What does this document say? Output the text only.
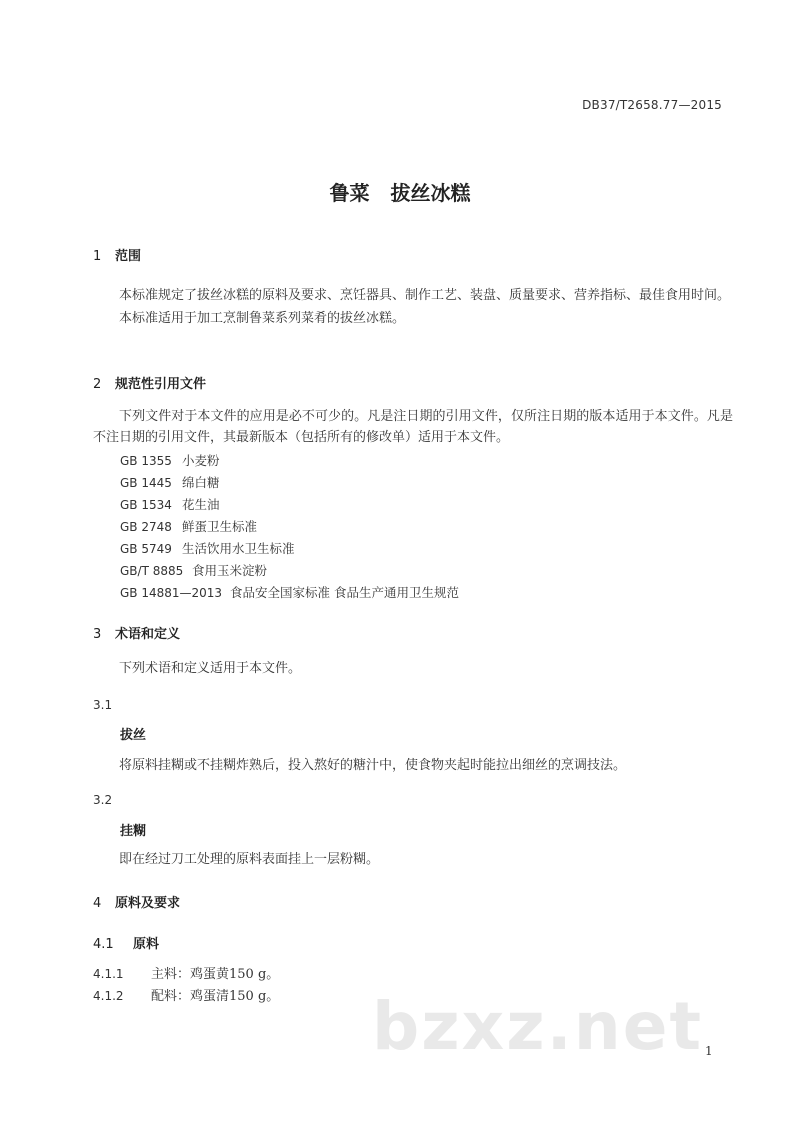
DB37/T2658.77—2015
鲁菜 拔丝冰糕
1 范围

本标准规定了拔丝冰糕的原料及要求、烹饪器具、制作工艺、装盘、质量要求、营养指标、最佳食用时间。

本标准适用于加工烹制鲁菜系列菜肴的拔丝冰糕。

2 规范性引用文件

下列文件对于本文件的应用是必不可少的。凡是注日期的引用文件，仅所注日期的版本适用于本文件。凡是不注日期的引用文件，其最新版本（包括所有的修改单）适用于本文件。

GB 1355 小麦粉

GB 1445 绵白糖

GB 1534 花生油

GB 2748 鲜蛋卫生标准

GB 5749 生活饮用水卫生标准

GB/T 8885 食用玉米淀粉

GB 14881—2013 食品安全国家标准 食品生产通用卫生规范

3 术语和定义

下列术语和定义适用于本文件。

3.1
拔丝

将原料挂糊或不挂糊炸熟后，投入熬好的糖汁中，使食物夹起时能拉出细丝的烹调技法。

3.2
挂糊

即在经过刀工处理的原料表面挂上一层粉糊。

4 原料及要求
4.1 原料
4.1.1 主料：鸡蛋黄150 g。
4.1.2 配料：鸡蛋清150 g。	bzxz.net 1
